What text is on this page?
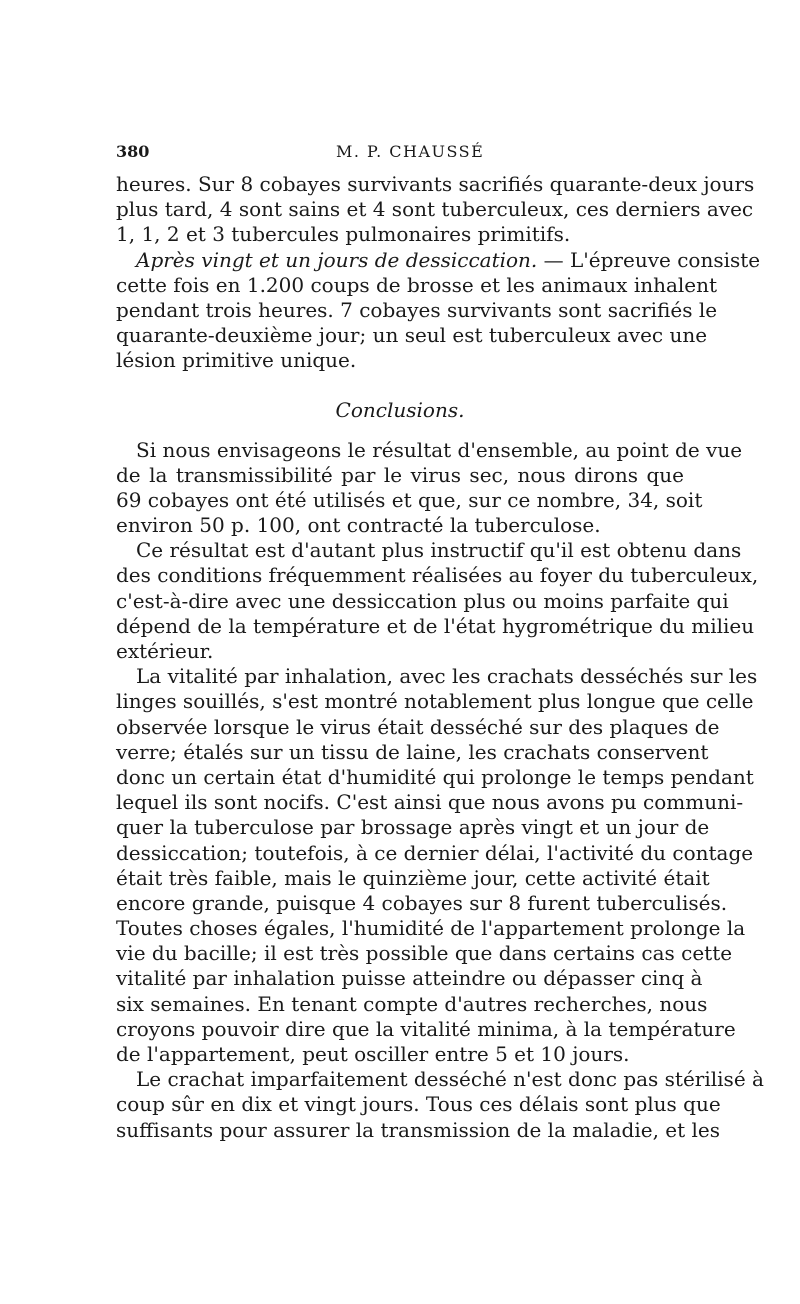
380	M. P. CHAUSSÉ
heures. Sur 8 cobayes survivants sacrifiés quarante-deux jours
plus tard, 4 sont sains et 4 sont tuberculeux, ces derniers avec
1, 1, 2 et 3 tubercules pulmonaires primitifs.
Après vingt et un jours de dessiccation. — L'épreuve consiste
cette fois en 1.200 coups de brosse et les animaux inhalent
pendant trois heures. 7 cobayes survivants sont sacrifiés le
quarante-deuxième jour; un seul est tuberculeux avec une
lésion primitive unique.
Conclusions.
Si nous envisageons le résultat d'ensemble, au point de vue
de la transmissibilité par le virus sec, nous dirons que
69 cobayes ont été utilisés et que, sur ce nombre, 34, soit
environ 50 p. 100, ont contracté la tuberculose.
Ce résultat est d'autant plus instructif qu'il est obtenu dans
des conditions fréquemment réalisées au foyer du tuberculeux,
c'est-à-dire avec une dessiccation plus ou moins parfaite qui
dépend de la température et de l'état hygrométrique du milieu
extérieur.
La vitalité par inhalation, avec les crachats desséchés sur les
linges souillés, s'est montré notablement plus longue que celle
observée lorsque le virus était desséché sur des plaques de
verre; étalés sur un tissu de laine, les crachats conservent
donc un certain état d'humidité qui prolonge le temps pendant
lequel ils sont nocifs. C'est ainsi que nous avons pu communi-
quer la tuberculose par brossage après vingt et un jour de
dessiccation; toutefois, à ce dernier délai, l'activité du contage
était très faible, mais le quinzième jour, cette activité était
encore grande, puisque 4 cobayes sur 8 furent tuberculisés.
Toutes choses égales, l'humidité de l'appartement prolonge la
vie du bacille; il est très possible que dans certains cas cette
vitalité par inhalation puisse atteindre ou dépasser cinq à
six semaines. En tenant compte d'autres recherches, nous
croyons pouvoir dire que la vitalité minima, à la température
de l'appartement, peut osciller entre 5 et 10 jours.
Le crachat imparfaitement desséché n'est donc pas stérilisé à
coup sûr en dix et vingt jours. Tous ces délais sont plus que
suffisants pour assurer la transmission de la maladie, et les
